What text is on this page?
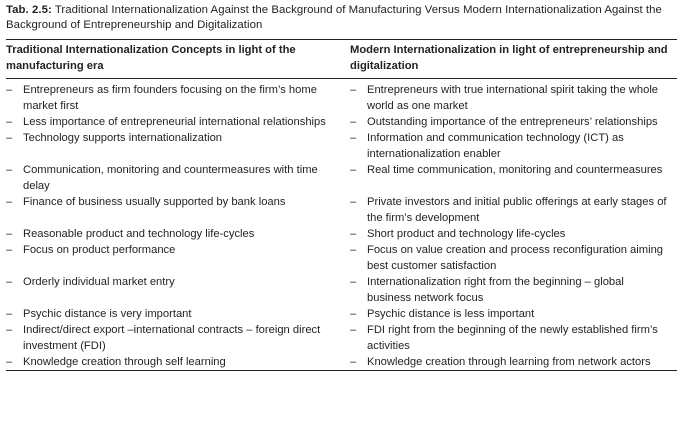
Tab. 2.5: Traditional Internationalization Against the Background of Manufacturing Versus Modern Internationalization Against the Background of Entrepreneurship and Digitalization

Traditional Internationalization Concepts in light of the manufacturing era	Modern Internationalization in light of entrepreneurship and digitalization
– Entrepreneurs as firm founders focusing on the firm’s home market first	– Entrepreneurs with true international spirit taking the whole world as one market

– Less importance of entrepreneurial international relationships	– Outstanding importance of the entrepreneurs’ relationships

– Technology supports internationalization	– Information and communication technology (ICT) as internationalization enabler

– Communication, monitoring and countermeasures with time delay	– Real time communication, monitoring and countermeasures

– Finance of business usually supported by bank loans	– Private investors and initial public offerings at early stages of the firm’s development

– Reasonable product and technology life-cycles	– Short product and technology life-cycles

– Focus on product performance	– Focus on value creation and process reconfiguration aiming best customer satisfaction

– Orderly individual market entry	– Internationalization right from the beginning – global business network focus

– Psychic distance is very important	– Psychic distance is less important

– Indirect/direct export –international contracts – foreign direct investment (FDI)	– FDI right from the beginning of the newly established firm’s activities

– Knowledge creation through self learning	– Knowledge creation through learning from network actors
